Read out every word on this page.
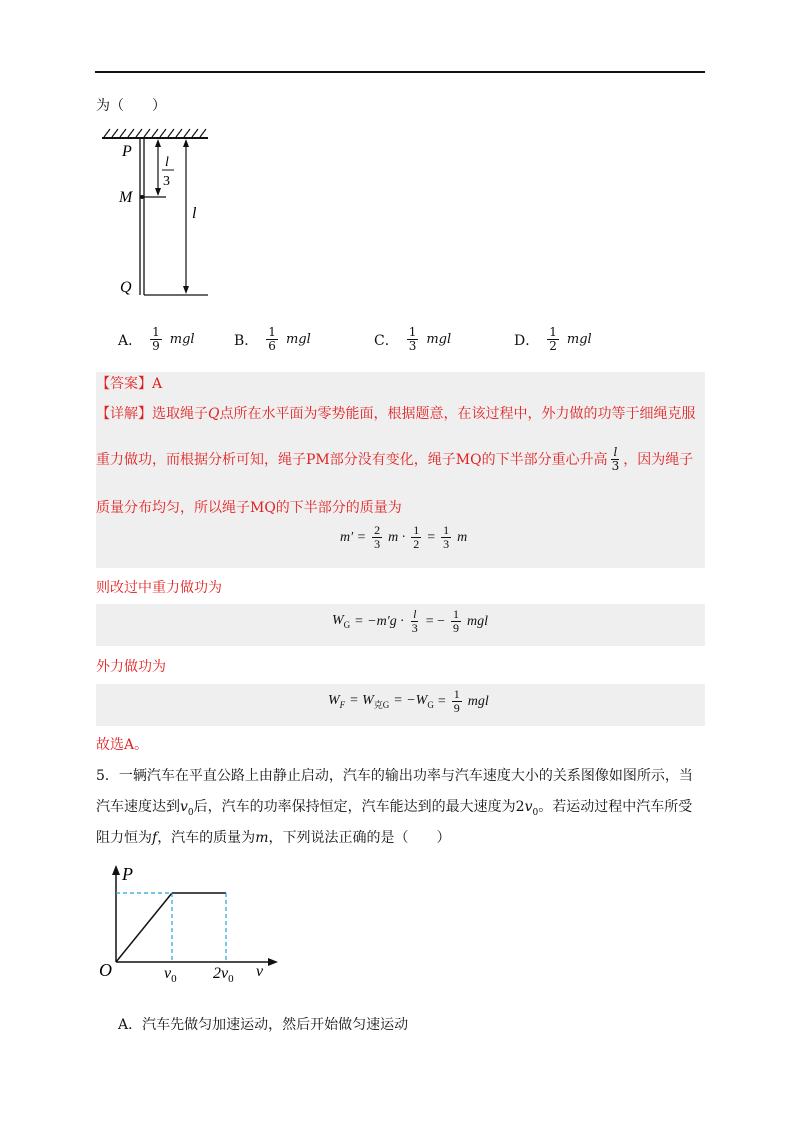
为（　　）
P
M
Q
l
3
l
A． $\frac{1}{9}$ mgl	B． $\frac{1}{6}$ mgl	C． $\frac{1}{3}$ mgl	D． $\frac{1}{2}$ mgl
【答案】A
【详解】选取绳子Q点所在水平面为零势能面，根据题意，在该过程中，外力做的功等于细绳克服
重力做功，而根据分析可知，绳子PM部分没有变化，绳子MQ的下半部分重心升高 $\frac{l}{3}$ ，因为绳子
质量分布均匀，所以绳子MQ的下半部分的质量为
$m' = \frac{2}{3}$ $m \cdot \frac{1}{2} = \frac{1}{3}$ m
则改过中重力做功为
$W_G = -m'g \cdot \frac{l}{3}$ = − $\frac{1}{9}$ mgl
外力做功为
$W_F = W_{克G} = -W_G = \frac{1}{9}$ mgl
故选A。
5．一辆汽车在平直公路上由静止启动，汽车的输出功率与汽车速度大小的关系图像如图所示，当
汽车速度达到$v_0$后，汽车的功率保持恒定，汽车能达到的最大速度为$2v_0$。若运动过程中汽车所受
阻力恒为f，汽车的质量为m，下列说法正确的是（　　）
P
O	$v_0$ $2v_0$ v
A．汽车先做匀加速运动，然后开始做匀速运动
